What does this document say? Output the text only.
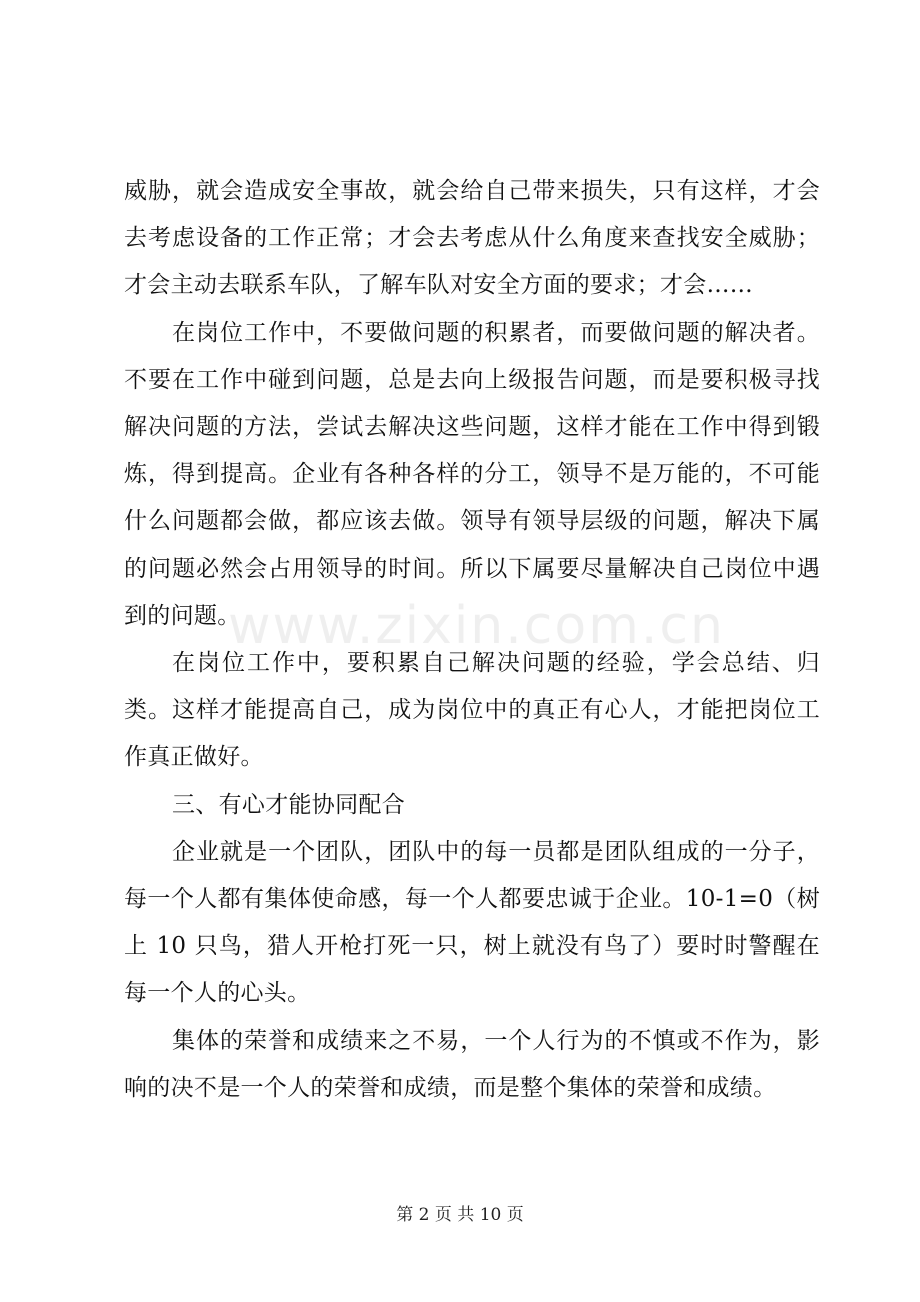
威胁，就会造成安全事故，就会给自己带来损失，只有这样，才会去考虑设备的工作正常；才会去考虑从什么角度来查找安全威胁；才会主动去联系车队，了解车队对安全方面的要求；才会……

在岗位工作中，不要做问题的积累者，而要做问题的解决者。不要在工作中碰到问题，总是去向上级报告问题，而是要积极寻找解决问题的方法，尝试去解决这些问题，这样才能在工作中得到锻炼，得到提高。企业有各种各样的分工，领导不是万能的，不可能什么问题都会做，都应该去做。领导有领导层级的问题，解决下属的问题必然会占用领导的时间。所以下属要尽量解决自己岗位中遇到的问题。

在岗位工作中，要积累自己解决问题的经验，学会总结、归类。这样才能提高自己，成为岗位中的真正有心人，才能把岗位工作真正做好。

三、有心才能协同配合

企业就是一个团队，团队中的每一员都是团队组成的一分子，每一个人都有集体使命感，每一个人都要忠诚于企业。10-1=0（树上 10 只鸟，猎人开枪打死一只，树上就没有鸟了）要时时警醒在每一个人的心头。

集体的荣誉和成绩来之不易，一个人行为的不慎或不作为，影响的决不是一个人的荣誉和成绩，而是整个集体的荣誉和成绩。

www.zixin.com.cn
第 2 页 共 10 页
